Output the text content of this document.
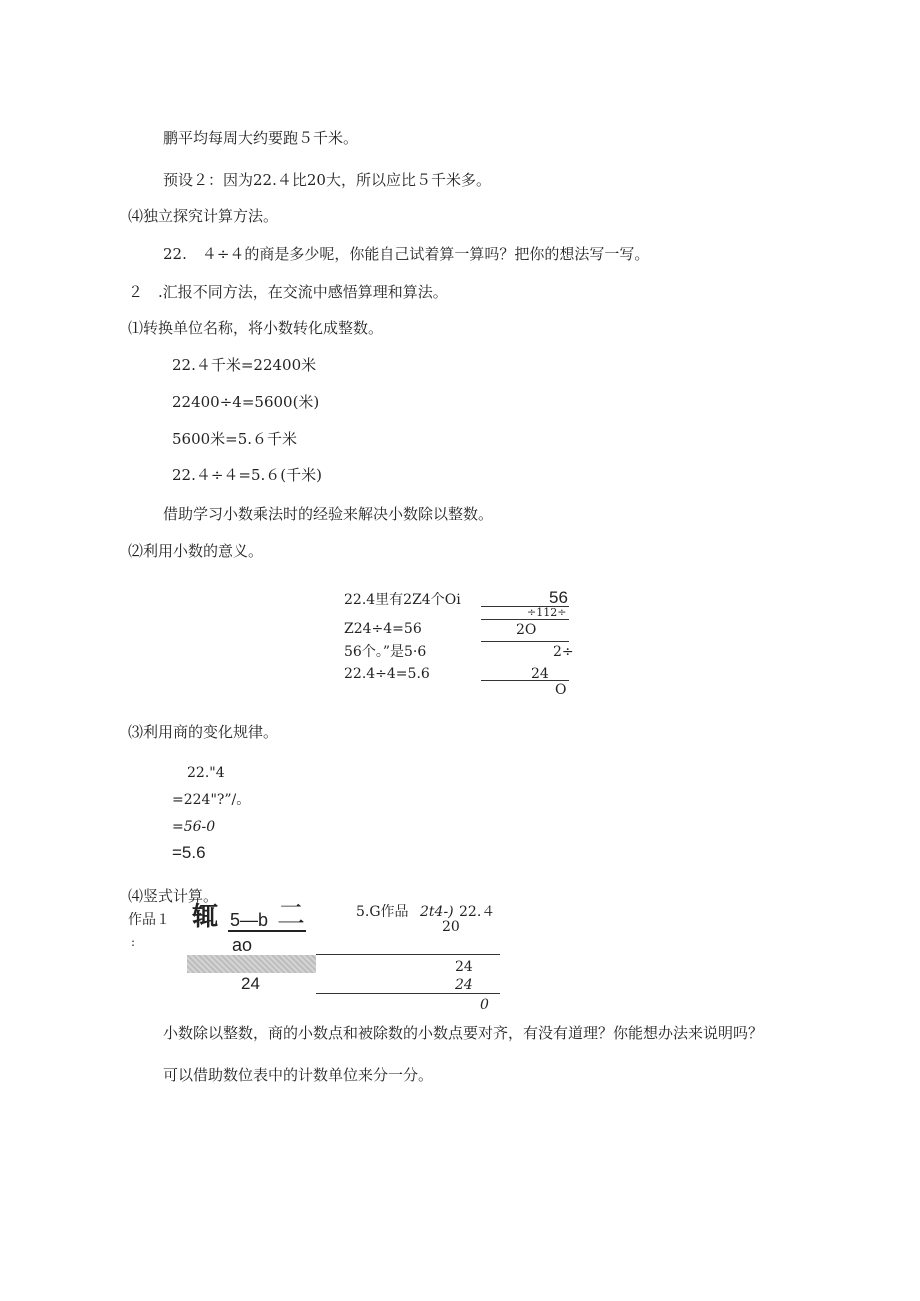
鹏平均每周大约要跑５千米。
预设２：因为22.４比20大，所以应比５千米多。
⑷独立探究计算方法。
22.　４÷４的商是多少呢，你能自己试着算一算吗？把你的想法写一写。
２　.汇报不同方法，在交流中感悟算理和算法。
⑴转换单位名称，将小数转化成整数。
22.４千米=22400米
22400÷4=5600(米)
5600米=5.６千米
22.４÷４=5.６(千米)
借助学习小数乘法时的经验来解决小数除以整数。
⑵利用小数的意义。
22.4里有2Z4个Oi
Z24÷4=56
56个。”是5·6
22.4÷4=5.6
56
÷112÷
2O
2÷
24
O
⑶利用商的变化规律。
22."4
=224"?”/。
=56-0
=5.6
⑷竖式计算。
作品１
:
辄 5—b 二
aο
24
5.G作品 2t4-) 22.４
20
24
24
0
小数除以整数，商的小数点和被除数的小数点要对齐，有没有道理？你能想办法来说明吗？
可以借助数位表中的计数单位来分一分。
